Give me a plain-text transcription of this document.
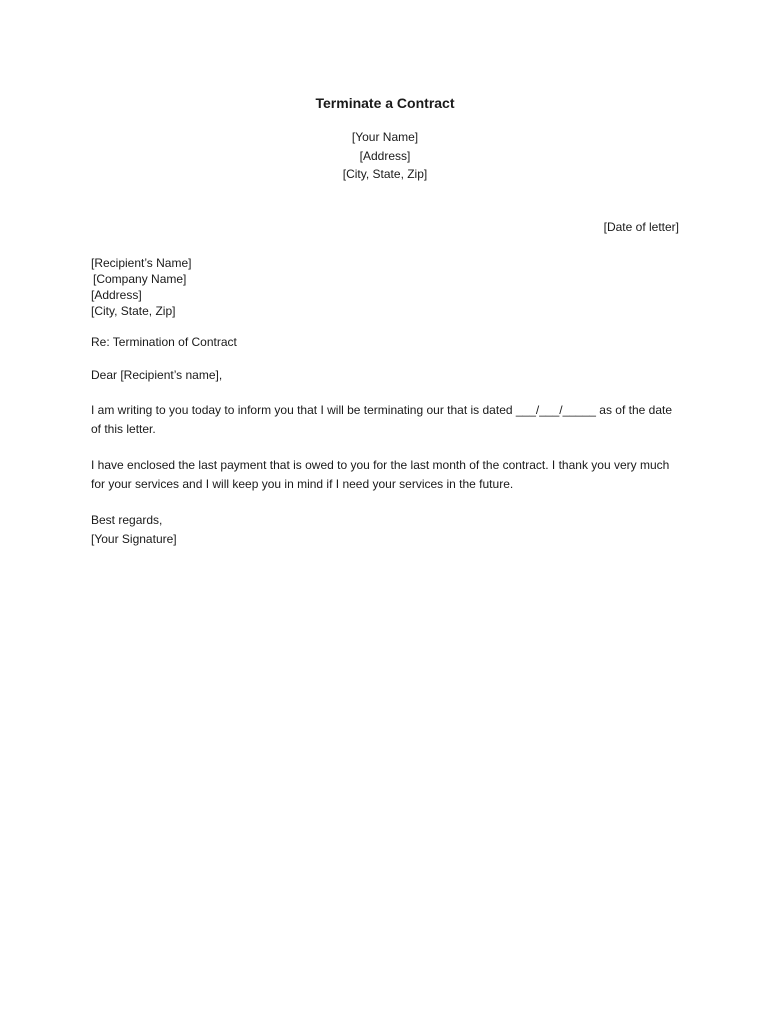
Terminate a Contract
[Your Name]
[Address]
[City, State, Zip]
[Date of letter]
[Recipient’s Name]
[Company Name]
[Address]
[City, State, Zip]
Re: Termination of Contract
Dear [Recipient’s name],
I am writing to you today to inform you that I will be terminating our that is dated ___/___/_____ as of the date of this letter.
I have enclosed the last payment that is owed to you for the last month of the contract. I thank you very much for your services and I will keep you in mind if I need your services in the future.
Best regards,
[Your Signature]
